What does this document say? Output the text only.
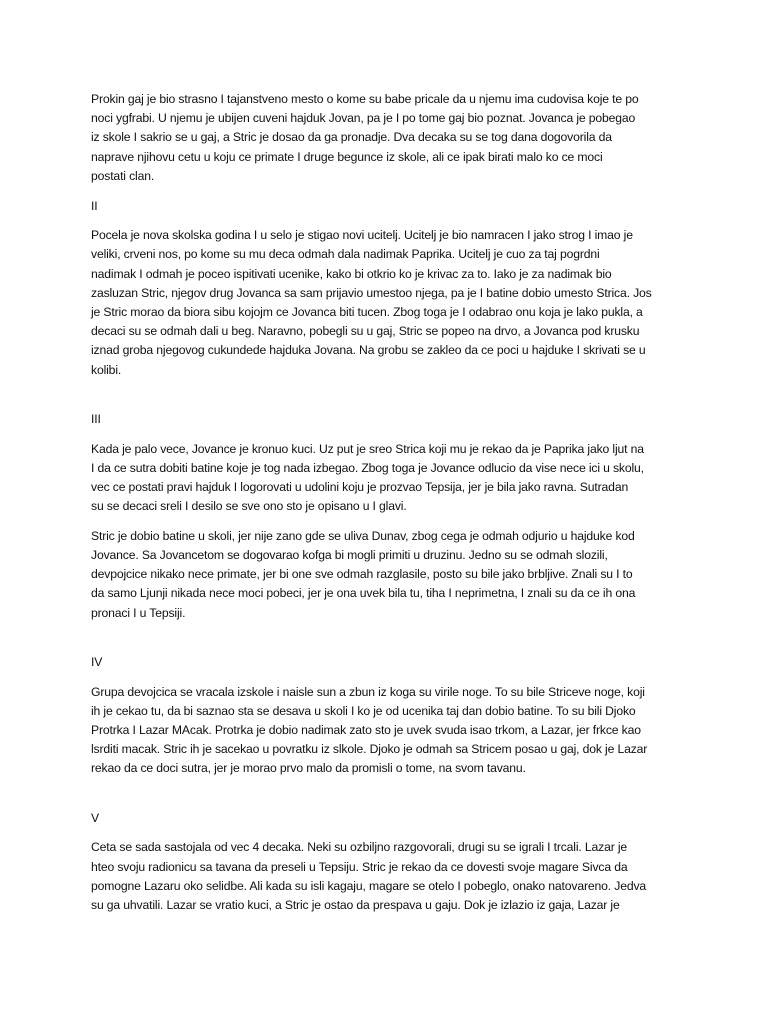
Prokin gaj je bio strasno I tajanstveno mesto o kome su babe pricale da u njemu ima cudovisa koje te po
noci ygfrabi. U njemu je ubijen cuveni hajduk Jovan, pa je I po tome gaj bio poznat. Jovanca je pobegao
iz skole I sakrio se u gaj, a Stric je dosao da ga pronadje. Dva decaka su se tog dana dogovorila da
naprave njihovu cetu u koju ce primate I druge begunce iz skole, ali ce ipak birati malo ko ce moci
postati clan.

II

Pocela je nova skolska godina I u selo je stigao novi ucitelj. Ucitelj je bio namracen I jako strog I imao je
veliki, crveni nos, po kome su mu deca odmah dala nadimak Paprika. Ucitelj je cuo za taj pogrdni
nadimak I odmah je poceo ispitivati ucenike, kako bi otkrio ko je krivac za to. Iako je za nadimak bio
zasluzan Stric, njegov drug Jovanca sa sam prijavio umestoo njega, pa je I batine dobio umesto Strica. Jos
je Stric morao da biora sibu kojojm ce Jovanca biti tucen. Zbog toga je I odabrao onu koja je lako pukla, a
decaci su se odmah dali u beg. Naravno, pobegli su u gaj, Stric se popeo na drvo, a Jovanca pod krusku
iznad groba njegovog cukundede hajduka Jovana. Na grobu se zakleo da ce poci u hajduke I skrivati se u
kolibi.

III

Kada je palo vece, Jovance je kronuo kuci. Uz put je sreo Strica koji mu je rekao da je Paprika jako ljut na
I da ce sutra dobiti batine koje je tog nada izbegao. Zbog toga je Jovance odlucio da vise nece ici u skolu,
vec ce postati pravi hajduk I logorovati u udolini koju je prozvao Tepsija, jer je bila jako ravna. Sutradan
su se decaci sreli I desilo se sve ono sto je opisano u I glavi.

Stric je dobio batine u skoli, jer nije zano gde se uliva Dunav, zbog cega je odmah odjurio u hajduke kod
Jovance. Sa Jovancetom se dogovarao kofga bi mogli primiti u druzinu. Jedno su se odmah slozili,
devpojcice nikako nece primate, jer bi one sve odmah razglasile, posto su bile jako brbljive. Znali su I to
da samo Ljunji nikada nece moci pobeci, jer je ona uvek bila tu, tiha I neprimetna, I znali su da ce ih ona
pronaci I u Tepsiji.

IV

Grupa devojcica se vracala izskole i naisle sun a zbun iz koga su virile noge. To su bile Striceve noge, koji
ih je cekao tu, da bi saznao sta se desava u skoli I ko je od ucenika taj dan dobio batine. To su bili Djoko
Protrka I Lazar MAcak. Protrka je dobio nadimak zato sto je uvek svuda isao trkom, a Lazar, jer frkce kao
lsrditi macak. Stric ih je sacekao u povratku iz slkole. Djoko je odmah sa Stricem posao u gaj, dok je Lazar
rekao da ce doci sutra, jer je morao prvo malo da promisli o tome, na svom tavanu.

V

Ceta se sada sastojala od vec 4 decaka. Neki su ozbiljno razgovorali, drugi su se igrali I trcali. Lazar je
hteo svoju radionicu sa tavana da preseli u Tepsiju. Stric je rekao da ce dovesti svoje magare Sivca da
pomogne Lazaru oko selidbe. Ali kada su isli kagaju, magare se otelo I pobeglo, onako natovareno. Jedva
su ga uhvatili. Lazar se vratio kuci, a Stric je ostao da prespava u gaju. Dok je izlazio iz gaja, Lazar je
